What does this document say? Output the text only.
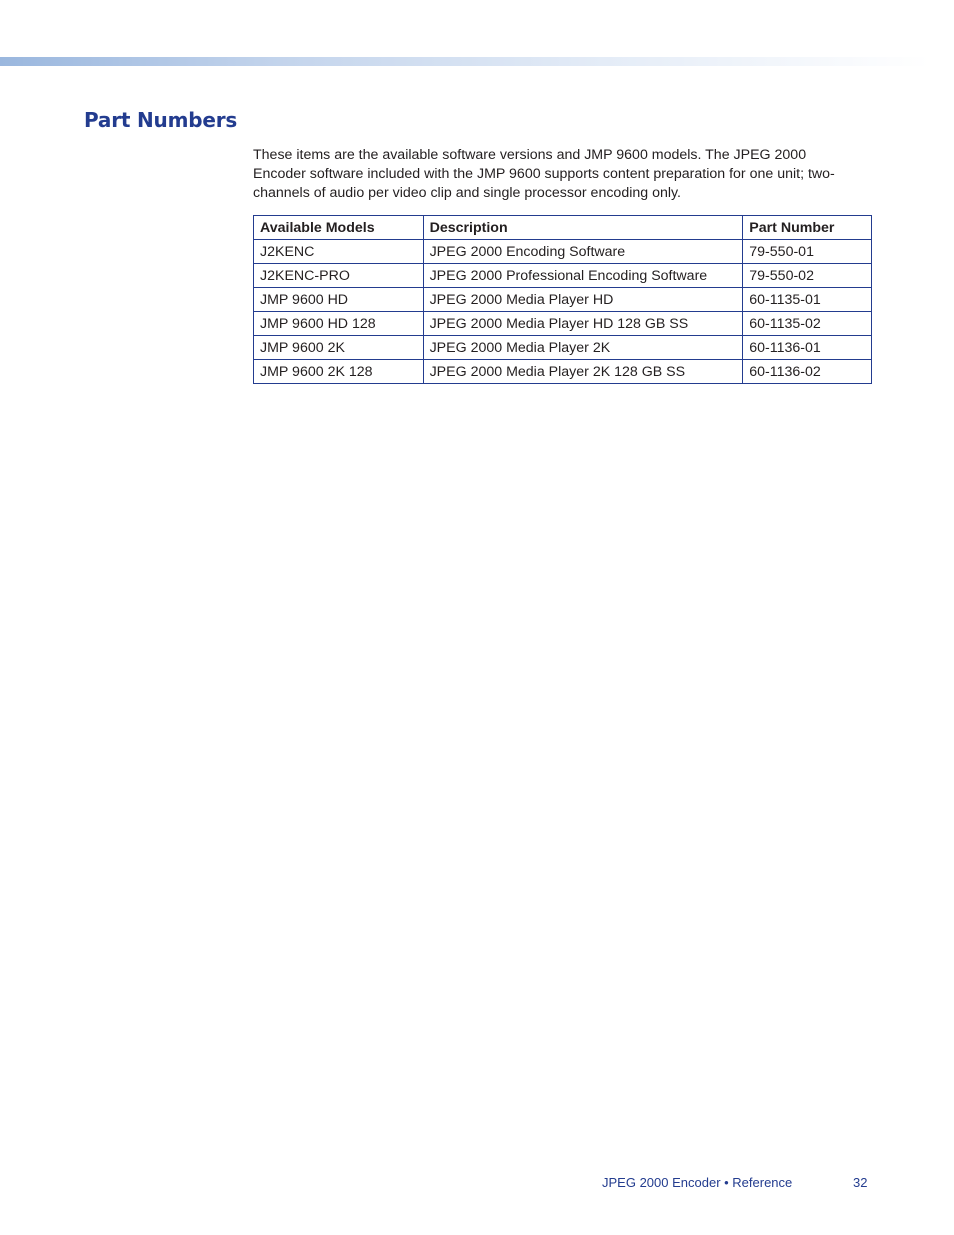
Part Numbers

These items are the available software versions and JMP 9600 models. The JPEG 2000 Encoder software included with the JMP 9600 supports content preparation for one unit; two-channels of audio per video clip and single processor encoding only.

Available Models	Description	Part Number
J2KENC	JPEG 2000 Encoding Software	79-550-01
J2KENC-PRO	JPEG 2000 Professional Encoding Software	79-550-02
JMP 9600 HD	JPEG 2000 Media Player HD	60-1135-01
JMP 9600 HD 128	JPEG 2000 Media Player HD 128 GB SS	60-1135-02
JMP 9600 2K	JPEG 2000 Media Player 2K	60-1136-01
JMP 9600 2K 128	JPEG 2000 Media Player 2K 128 GB SS	60-1136-02
JPEG 2000 Encoder • Reference	32
